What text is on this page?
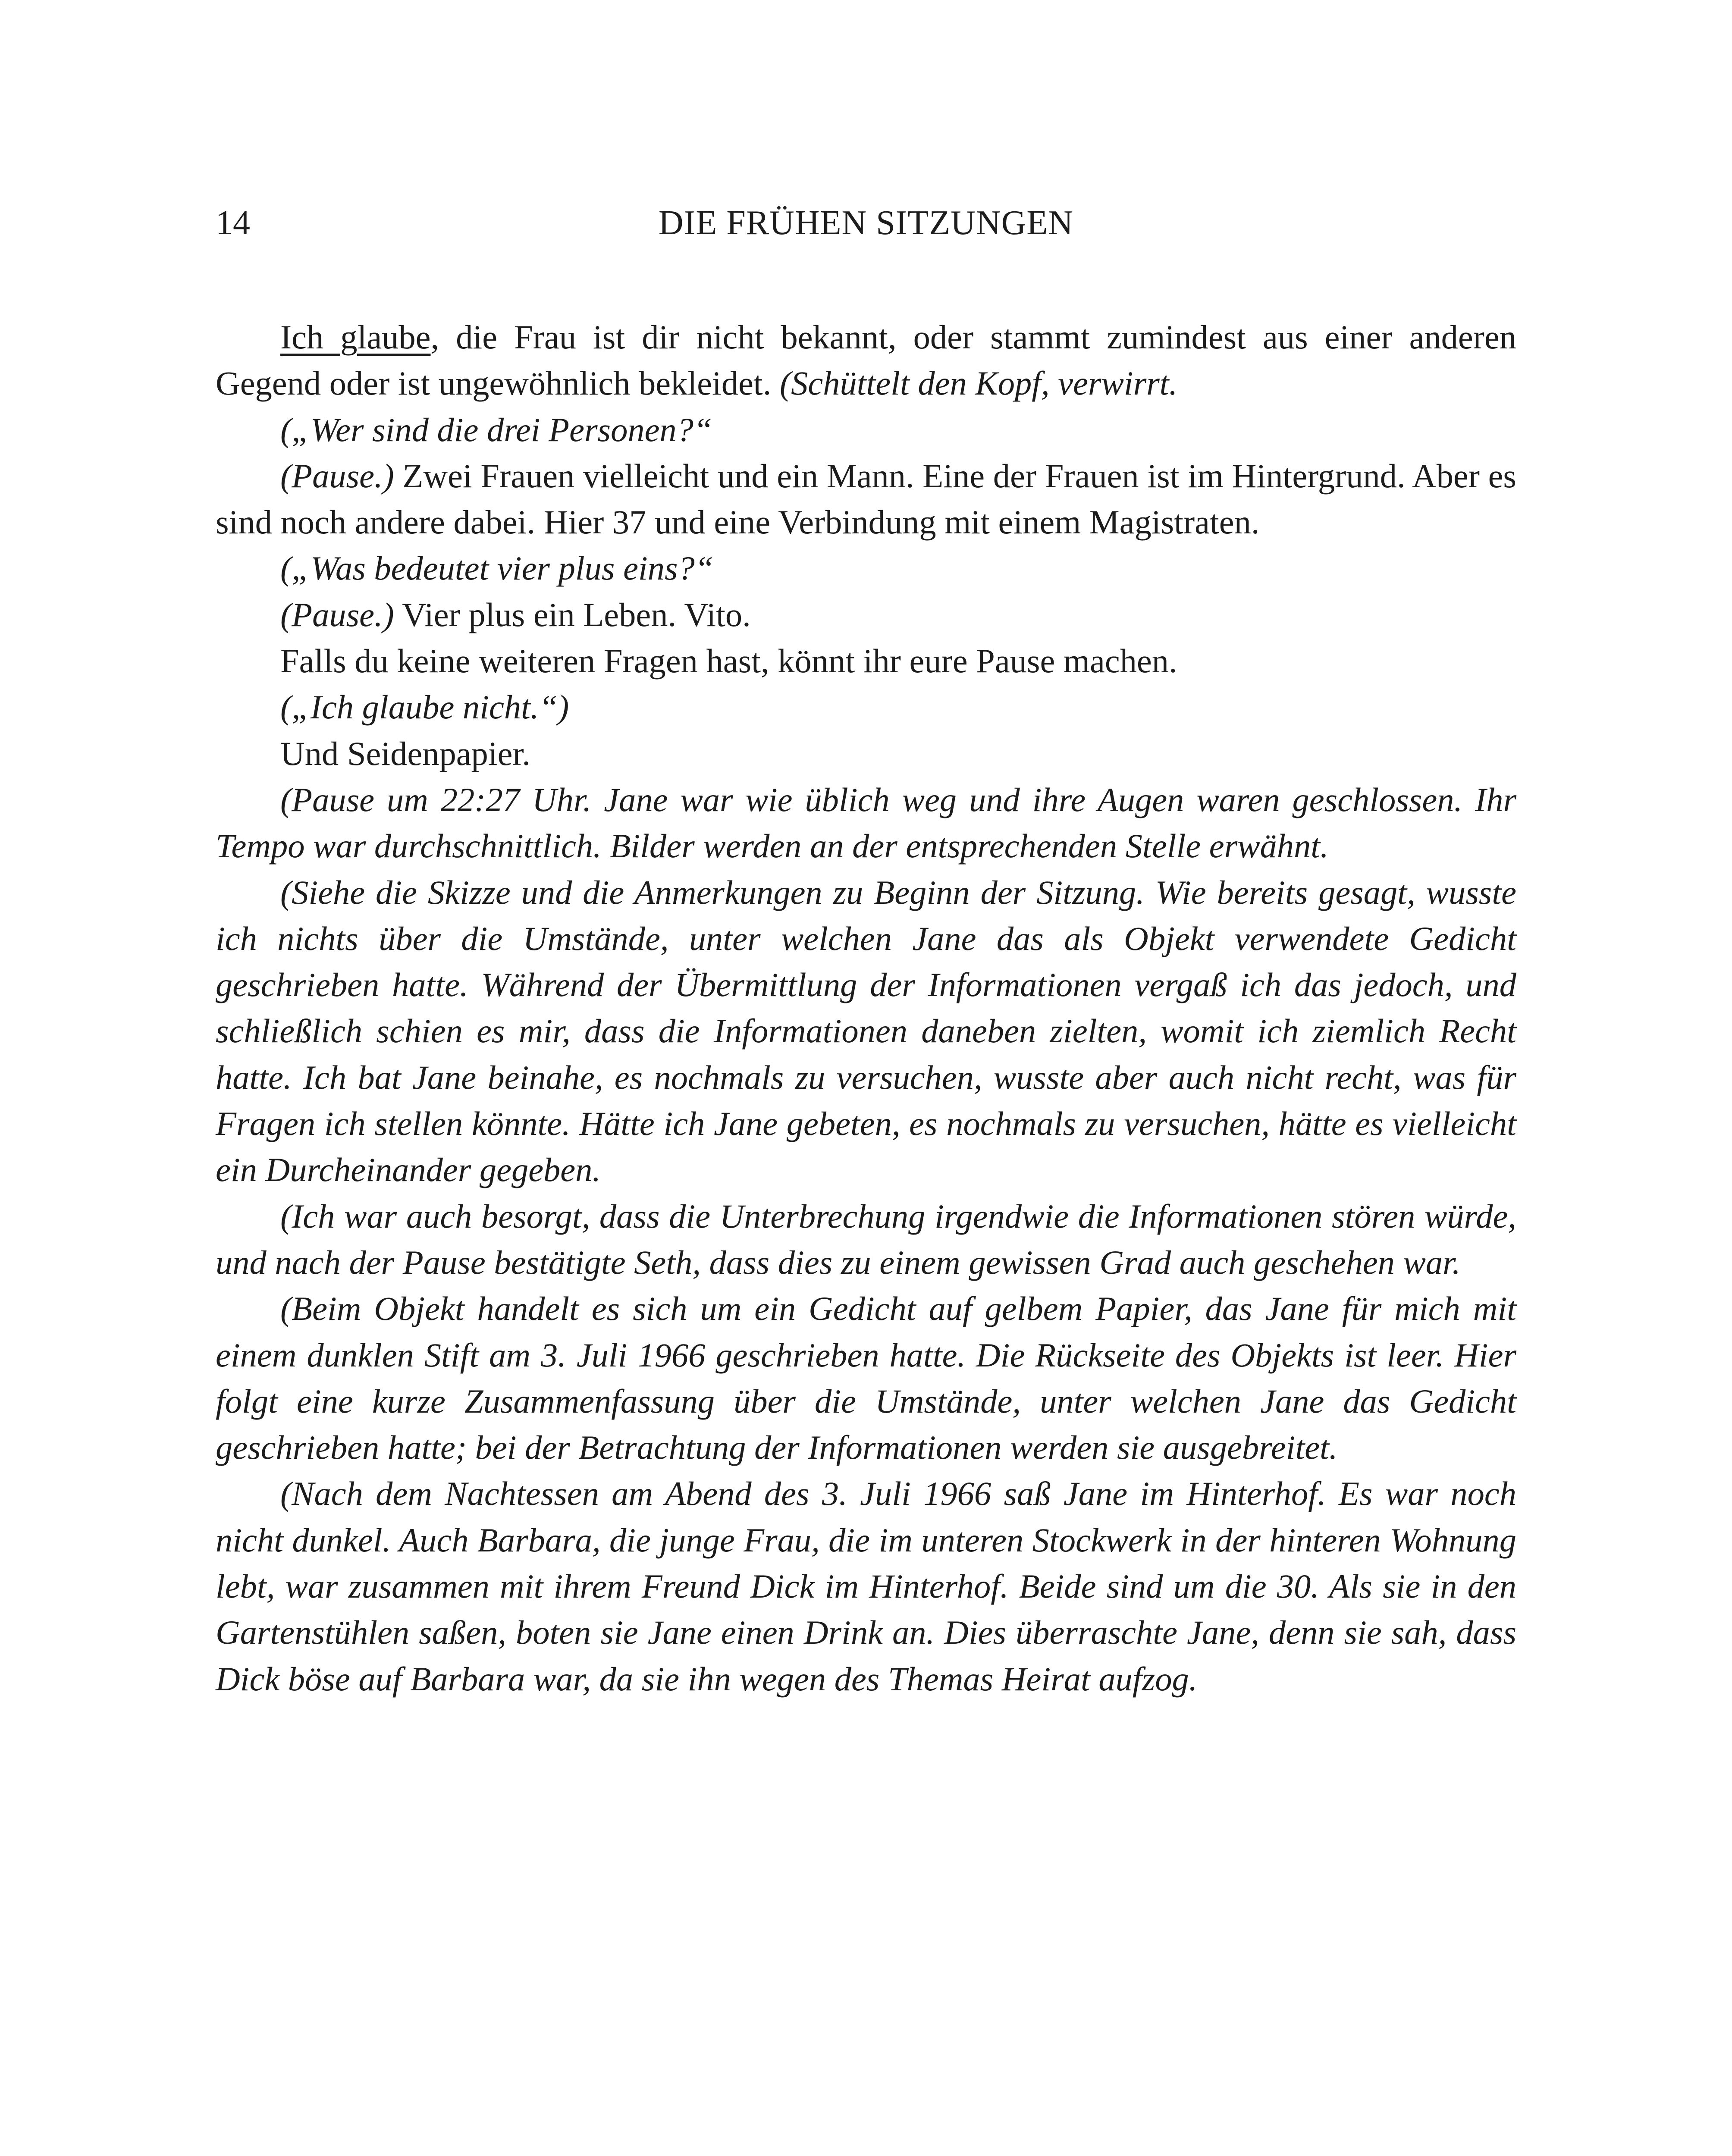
14	DIE FRÜHEN SITZUNGEN

Ich glaube, die Frau ist dir nicht bekannt, oder stammt zumindest aus einer anderen Gegend oder ist ungewöhnlich bekleidet. (Schüttelt den Kopf, verwirrt.

(„Wer sind die drei Personen?“

(Pause.) Zwei Frauen vielleicht und ein Mann. Eine der Frauen ist im Hintergrund. Aber es sind noch andere dabei. Hier 37 und eine Verbindung mit einem Magistraten.

(„Was bedeutet vier plus eins?“

(Pause.) Vier plus ein Leben. Vito.

Falls du keine weiteren Fragen hast, könnt ihr eure Pause machen.

(„Ich glaube nicht.“)

Und Seidenpapier.

(Pause um 22:27 Uhr. Jane war wie üblich weg und ihre Augen waren geschlossen. Ihr Tempo war durchschnittlich. Bilder werden an der entsprechenden Stelle erwähnt.

(Siehe die Skizze und die Anmerkungen zu Beginn der Sitzung. Wie bereits gesagt, wusste ich nichts über die Umstände, unter welchen Jane das als Objekt verwendete Gedicht geschrieben hatte. Während der Übermittlung der Informationen vergaß ich das jedoch, und schließlich schien es mir, dass die Informationen daneben zielten, womit ich ziemlich Recht hatte. Ich bat Jane beinahe, es nochmals zu versuchen, wusste aber auch nicht recht, was für Fragen ich stellen könnte. Hätte ich Jane gebeten, es nochmals zu versuchen, hätte es vielleicht ein Durcheinander gegeben.

(Ich war auch besorgt, dass die Unterbrechung irgendwie die Informationen stören würde, und nach der Pause bestätigte Seth, dass dies zu einem gewissen Grad auch geschehen war.

(Beim Objekt handelt es sich um ein Gedicht auf gelbem Papier, das Jane für mich mit einem dunklen Stift am 3. Juli 1966 geschrieben hatte. Die Rückseite des Objekts ist leer. Hier folgt eine kurze Zusammenfassung über die Umstände, unter welchen Jane das Gedicht geschrieben hatte; bei der Betrachtung der Informationen werden sie ausgebreitet.

(Nach dem Nachtessen am Abend des 3. Juli 1966 saß Jane im Hinterhof. Es war noch nicht dunkel. Auch Barbara, die junge Frau, die im unteren Stockwerk in der hinteren Wohnung lebt, war zusammen mit ihrem Freund Dick im Hinterhof. Beide sind um die 30. Als sie in den Gartenstühlen saßen, boten sie Jane einen Drink an. Dies überraschte Jane, denn sie sah, dass Dick böse auf Barbara war, da sie ihn wegen des Themas Heirat aufzog.
